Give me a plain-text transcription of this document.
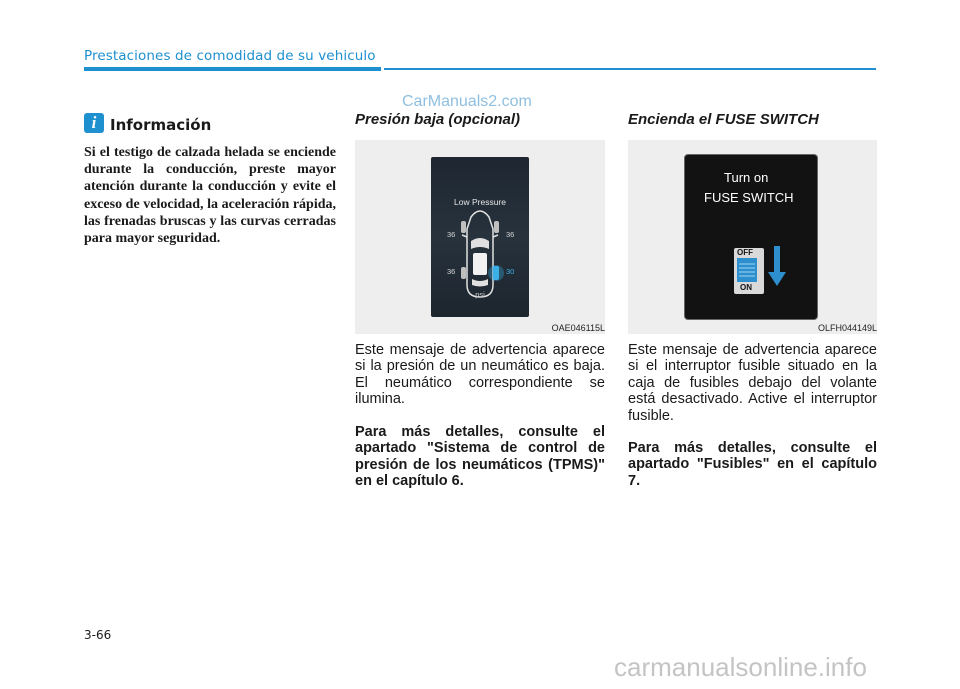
Prestaciones de comodidad de su vehiculo
CarManuals2.com
i Información
Si el testigo de calzada helada se enciende durante la conducción, preste mayor atención durante la conducción y evite el exceso de velocidad, la aceleración rápida, las frenadas bruscas y las curvas cerradas para mayor seguridad.
Presión baja (opcional)
Low Pressure
36	36
36	30
psi
OAE046115L
Este mensaje de advertencia aparece si la presión de un neumático es baja. El neumático correspondiente se ilumina.
Para más detalles, consulte el apartado "Sistema de control de presión de los neumáticos (TPMS)" en el capítulo 6.
Encienda el FUSE SWITCH
Turn on
FUSE SWITCH
OFF
ON
OLFH044149L
Este mensaje de advertencia aparece si el interruptor fusible situado en la caja de fusibles debajo del volante está desactivado. Active el interruptor fusible.
Para más detalles, consulte el apartado "Fusibles" en el capítulo 7.
3-66
carmanualsonline.info
